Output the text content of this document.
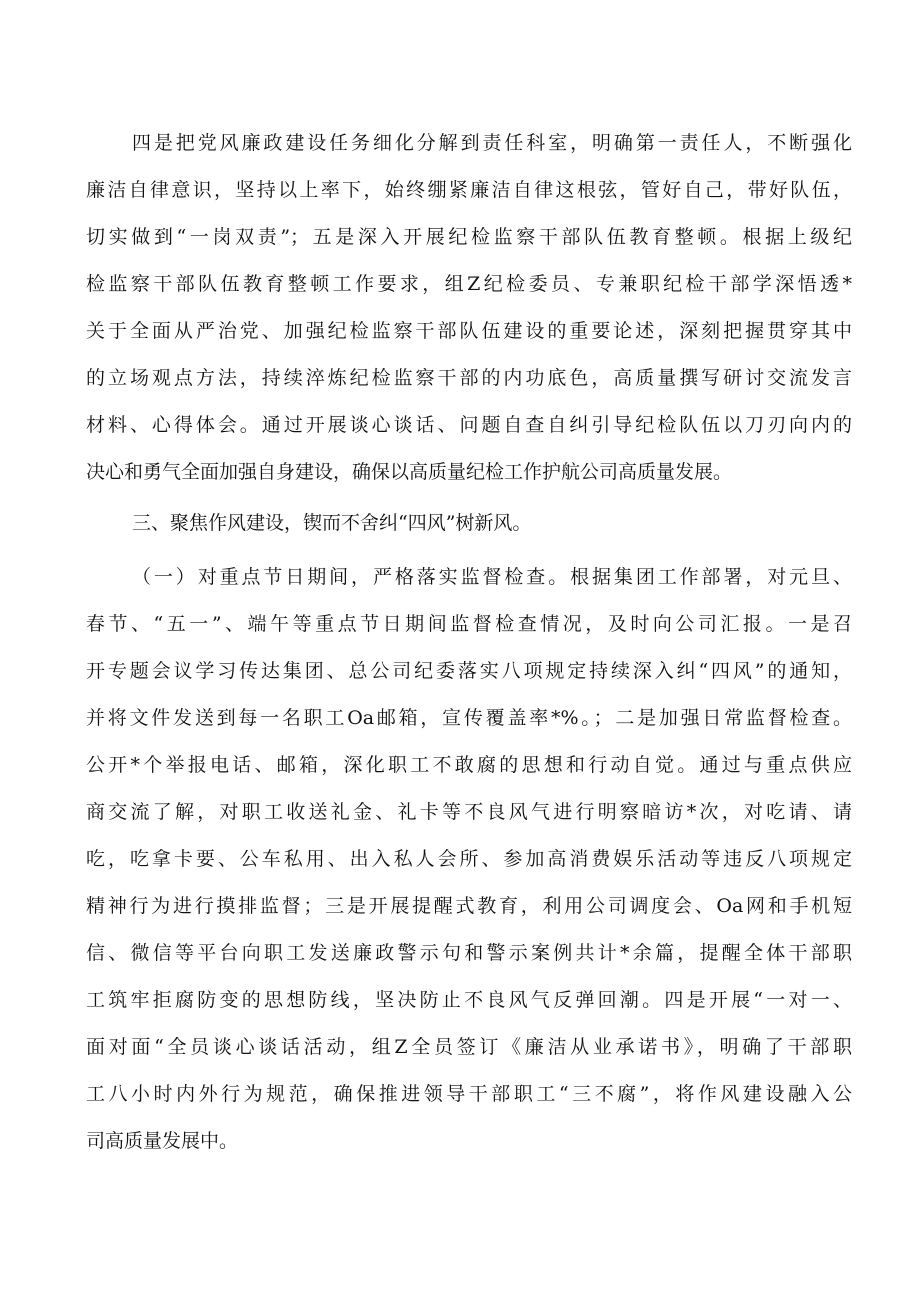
四是把党风廉政建设任务细化分解到责任科室，明确第一责任人，不断强化
廉洁自律意识，坚持以上率下，始终绷紧廉洁自律这根弦，管好自己，带好队伍，
切实做到“一岗双责”；五是深入开展纪检监察干部队伍教育整顿。根据上级纪
检监察干部队伍教育整顿工作要求，组Z纪检委员、专兼职纪检干部学深悟透*
关于全面从严治党、加强纪检监察干部队伍建设的重要论述，深刻把握贯穿其中
的立场观点方法，持续淬炼纪检监察干部的内功底色，高质量撰写研讨交流发言
材料、心得体会。通过开展谈心谈话、问题自查自纠引导纪检队伍以刀刃向内的
决心和勇气全面加强自身建设，确保以高质量纪检工作护航公司高质量发展。
三、聚焦作风建设，锲而不舍纠“四风”树新风。
（一）对重点节日期间，严格落实监督检查。根据集团工作部署，对元旦、
春节、“五一”、端午等重点节日期间监督检查情况，及时向公司汇报。一是召
开专题会议学习传达集团、总公司纪委落实八项规定持续深入纠“四风”的通知，
并将文件发送到每一名职工Oa邮箱，宣传覆盖率*%。；二是加强日常监督检查。
公开*个举报电话、邮箱，深化职工不敢腐的思想和行动自觉。通过与重点供应
商交流了解，对职工收送礼金、礼卡等不良风气进行明察暗访*次，对吃请、请
吃，吃拿卡要、公车私用、出入私人会所、参加高消费娱乐活动等违反八项规定
精神行为进行摸排监督；三是开展提醒式教育，利用公司调度会、Oa网和手机短
信、微信等平台向职工发送廉政警示句和警示案例共计*余篇，提醒全体干部职
工筑牢拒腐防变的思想防线，坚决防止不良风气反弹回潮。四是开展“一对一、
面对面“全员谈心谈话活动，组Z全员签订《廉洁从业承诺书》，明确了干部职
工八小时内外行为规范，确保推进领导干部职工“三不腐”，将作风建设融入公
司高质量发展中。
